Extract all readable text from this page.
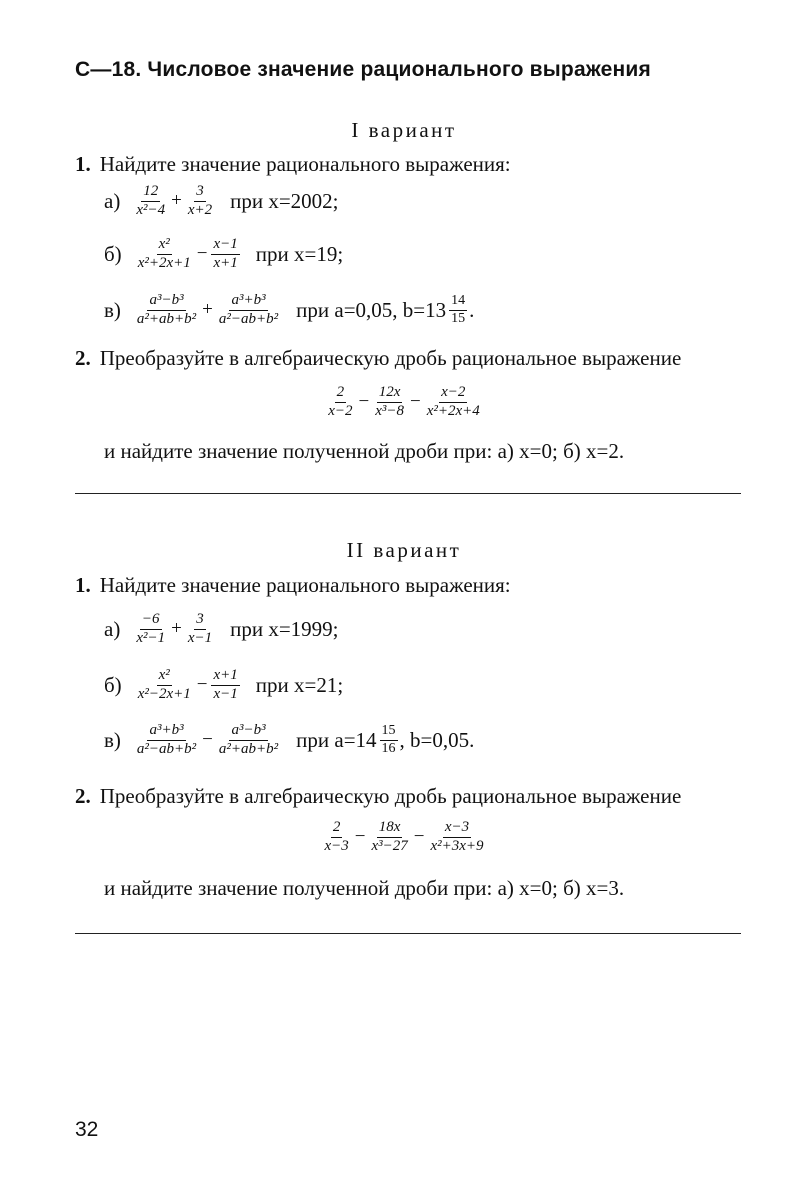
С—18. Числовое значение рационального выражения
I вариант
1. Найдите значение рационального выражения:
$а) \frac{12}{\text{x²−4}} + \frac{3}{x+2}$ при x=2002;
$б) \frac{\text{x²}}{\text{x²+2x+1}} - \frac{x-1}{x+1}$ при x=19;
$в) \frac{\text{a³−b³}}{\text{a²+ab+b²}} + \frac{\text{a³+b³}}{\text{a²−ab+b²}}$ при a=0,05, $b=13 \frac{14}{15}$ .
2. Преобразуйте в алгебраическую дробь рациональное выражение
$\frac{2}{x-2} - \frac{12x}{\text{x³−8}} - \frac{x-2}{\text{x²+2x+4}}$
и найдите значение полученной дроби при: а) x=0; б) x=2.
II вариант
1. Найдите значение рационального выражения:
$а) \frac{-6}{\text{x²−1}} + \frac{3}{x-1}$ при x=1999;
$б) \frac{\text{x²}}{\text{x²−2x+1}} - \frac{x+1}{x-1}$ при x=21;
$в) \frac{\text{a³+b³}}{\text{a²−ab+b²}} - \frac{\text{a³−b³}}{\text{a²+ab+b²}}$ при $a=14 \frac{15}{16}$ , b=0,05.
2. Преобразуйте в алгебраическую дробь рациональное выражение
$\frac{2}{x-3} - \frac{18x}{\text{x³−27}} - \frac{x-3}{\text{x²+3x+9}}$
и найдите значение полученной дроби при: а) x=0; б) x=3.
32
